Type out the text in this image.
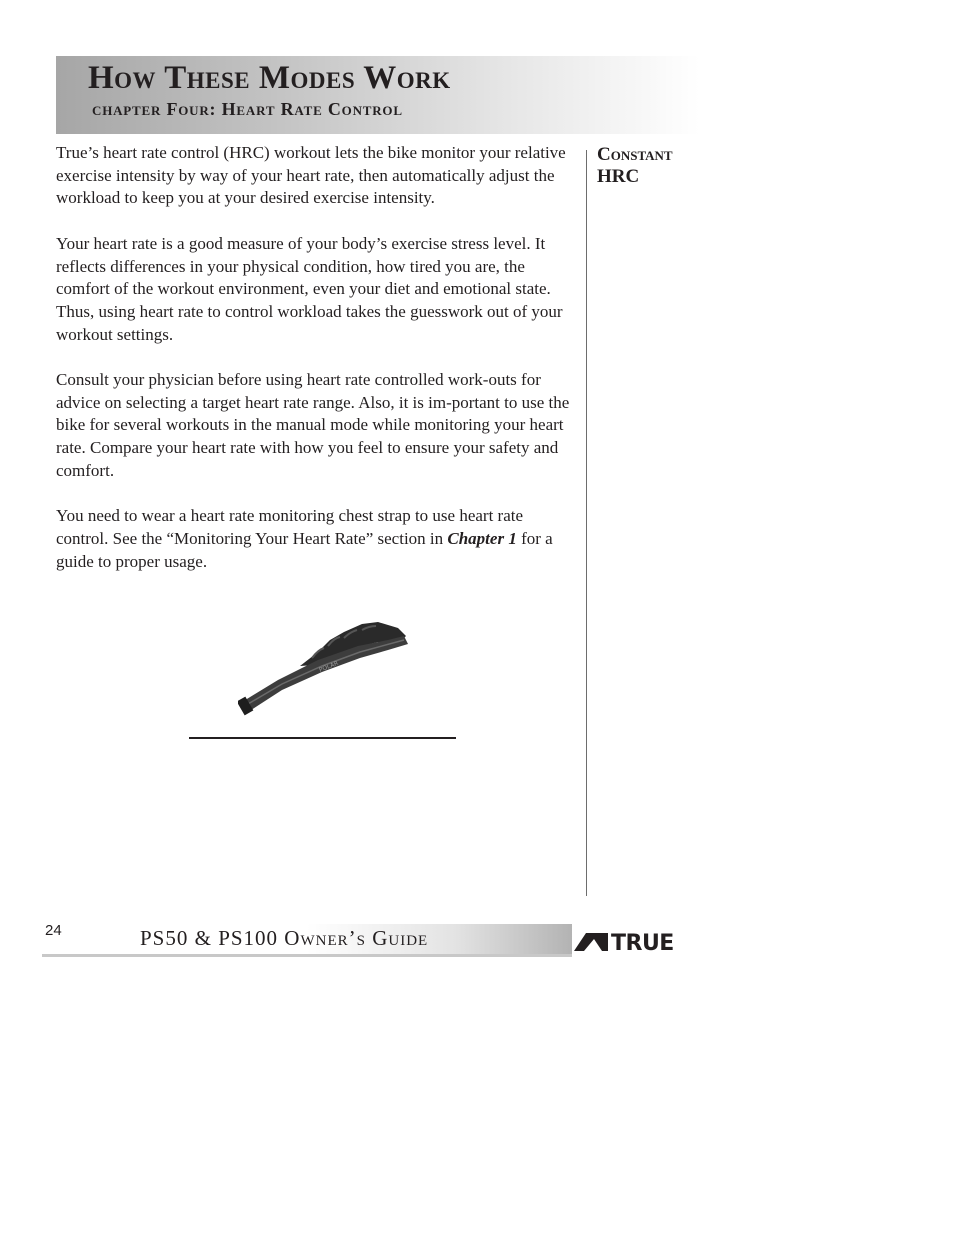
How These Modes Work
chapter Four: Heart Rate Control

True’s heart rate control (HRC) workout lets the bike monitor your relative exercise intensity by way of your heart rate, then automatically adjust the workload to keep you at your desired exercise intensity.

Your heart rate is a good measure of your body’s exercise stress level. It reflects differences in your physical condition, how tired you are, the comfort of the workout environment, even your diet and emotional state. Thus, using heart rate to control workload takes the guesswork out of your workout settings.

Consult your physician before using heart rate controlled work-outs for advice on selecting a target heart rate range. Also, it is im-portant to use the bike for several workouts in the manual mode while monitoring your heart rate. Compare your heart rate with how you feel to ensure your safety and comfort.

You need to wear a heart rate monitoring chest strap to use heart rate control. See the “Monitoring Your Heart Rate” section in Chapter 1 for a guide to proper usage.

Constant
HRC
POLAR
24	PS50 & PS100 Owner’s Guide	TRUE
